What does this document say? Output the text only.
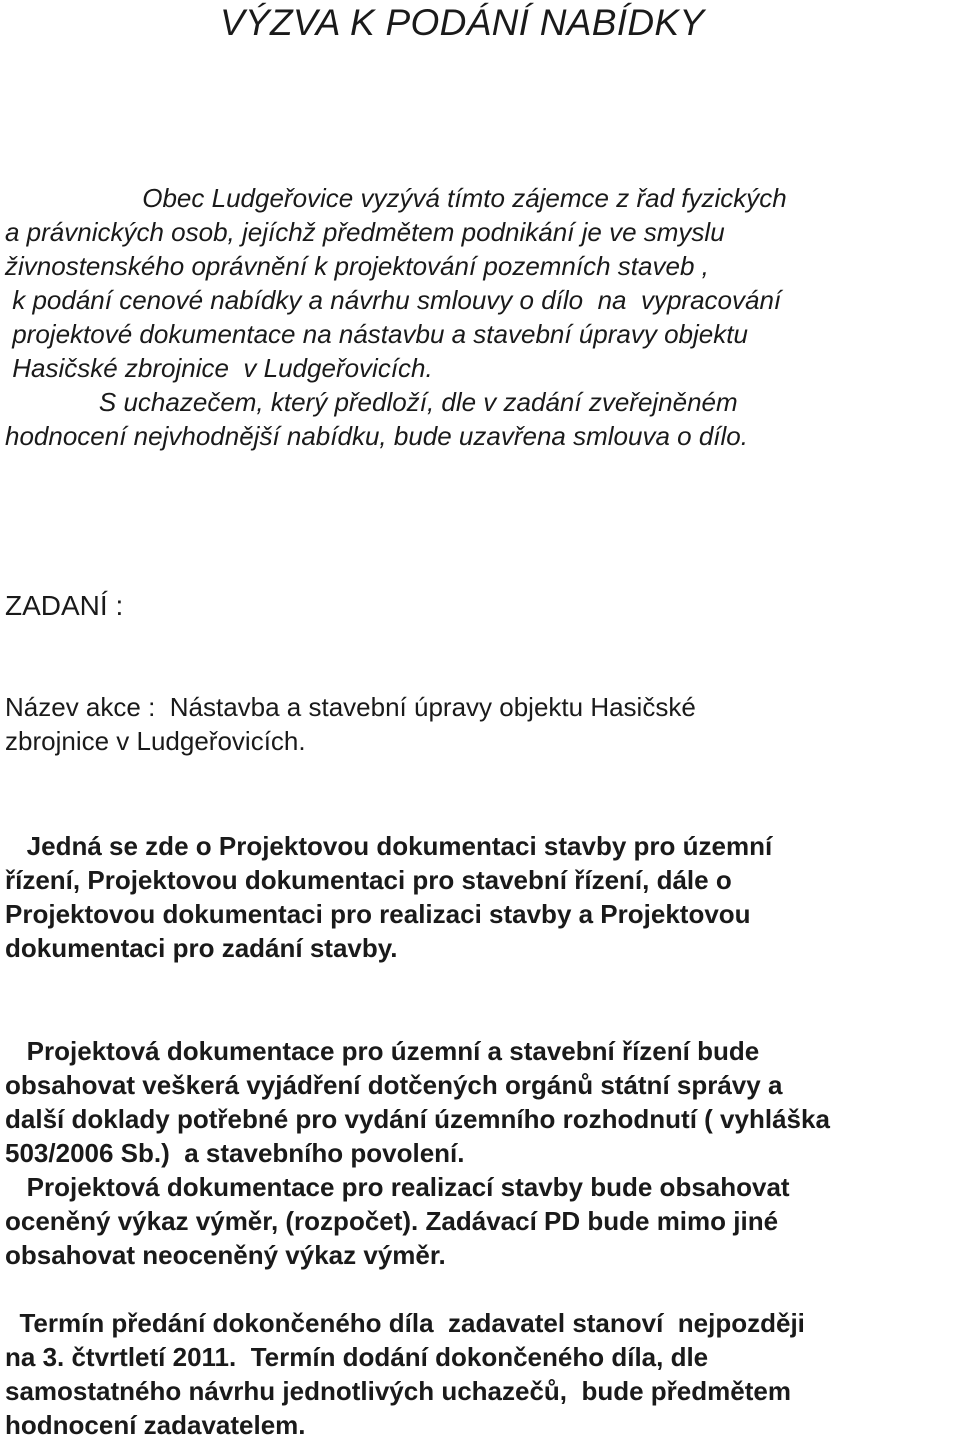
VÝZVA K PODÁNÍ NABÍDKY

Obec Ludgeřovice vyzývá tímto zájemce z řad fyzických
a právnických osob, jejíchž předmětem podnikání je ve smyslu
živnostenského oprávnění k projektování pozemních staveb ,
k podání cenové nabídky a návrhu smlouvy o dílo  na  vypracování
projektové dokumentace na nástavbu a stavební úpravy objektu
Hasičské zbrojnice  v Ludgeřovicích.
S uchazečem, který předloží, dle v zadání zveřejněném
hodnocení nejvhodnější nabídku, bude uzavřena smlouva o dílo.

ZADANÍ :

Název akce :  Nástavba a stavební úpravy objektu Hasičské
zbrojnice v Ludgeřovicích.

Jedná se zde o Projektovou dokumentaci stavby pro územní
řízení, Projektovou dokumentaci pro stavební řízení, dále o
Projektovou dokumentaci pro realizaci stavby a Projektovou
dokumentaci pro zadání stavby.

Projektová dokumentace pro územní a stavební řízení bude
obsahovat veškerá vyjádření dotčených orgánů státní správy a
další doklady potřebné pro vydání územního rozhodnutí ( vyhláška
503/2006 Sb.)  a stavebního povolení.
Projektová dokumentace pro realizací stavby bude obsahovat
oceněný výkaz výměr, (rozpočet). Zadávací PD bude mimo jiné
obsahovat neoceněný výkaz výměr.

Termín předání dokončeného díla  zadavatel stanoví  nejpozději
na 3. čtvrtletí 2011.  Termín dodání dokončeného díla, dle
samostatného návrhu jednotlivých uchazečů,  bude předmětem
hodnocení zadavatelem.
